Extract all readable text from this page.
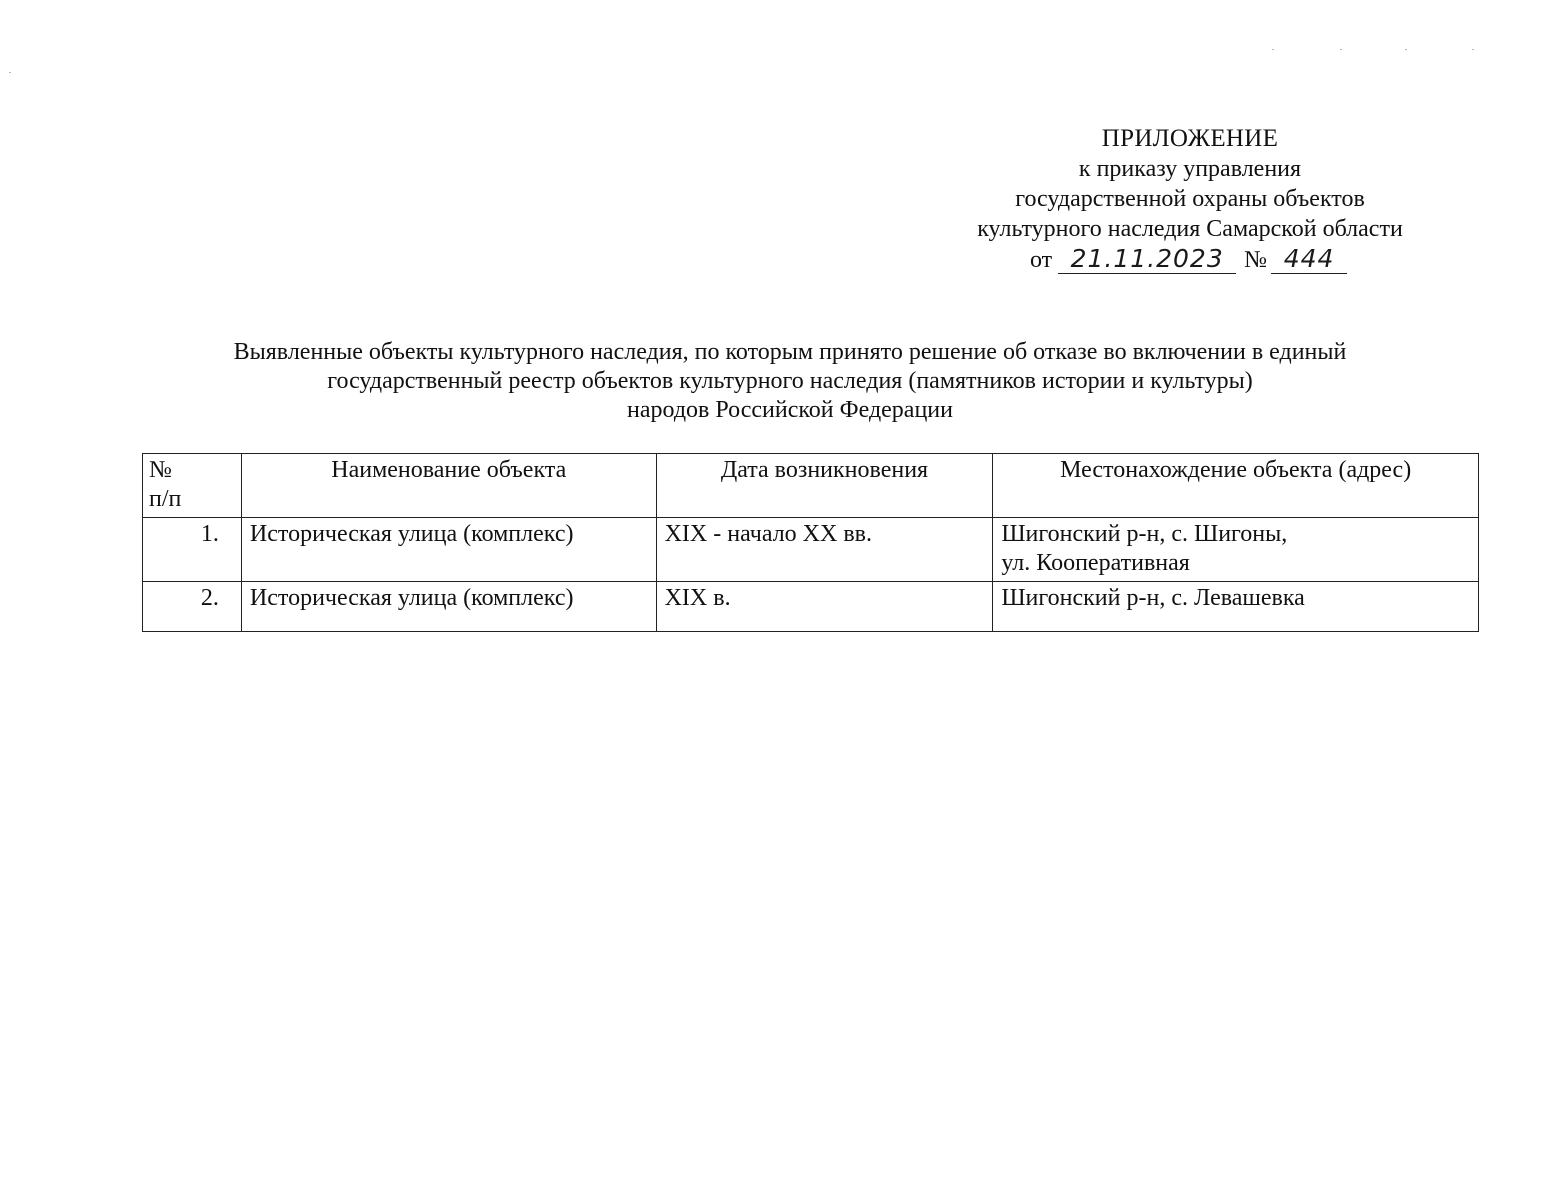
ПРИЛОЖЕНИЕ
к приказу управления
государственной охраны объектов
культурного наследия Самарской области
от 21.11.2023 № 444
Выявленные объекты культурного наследия, по которым принято решение об отказе во включении в единый
государственный реестр объектов культурного наследия (памятников истории и культуры)
народов Российской Федерации
№
п/п	Наименование объекта	Дата возникновения	Местонахождение объекта (адрес)
1.	Историческая улица (комплекс)	XIX - начало XX вв.	Шигонский р-н, с. Шигоны,
ул. Кооперативная

2.	Историческая улица (комплекс)	XIX в.	Шигонский р-н, с. Левашевка
